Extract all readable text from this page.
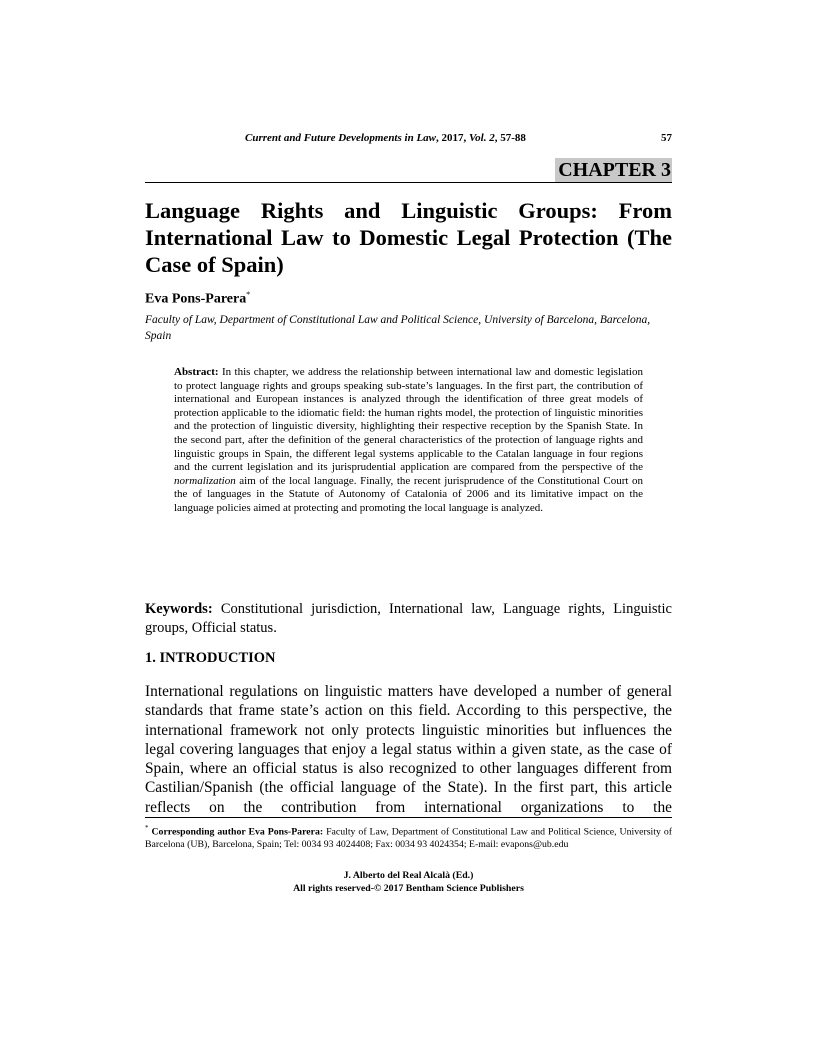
Current and Future Developments in Law, 2017, Vol. 2, 57-88	57
CHAPTER 3
Language Rights and Linguistic Groups: From International Law to Domestic Legal Protection (The Case of Spain)
Eva Pons-Parera*
Faculty of Law, Department of Constitutional Law and Political Science, University of Barcelona, Barcelona, Spain
Abstract: In this chapter, we address the relationship between international law and domestic legislation to protect language rights and groups speaking sub-state’s languages. In the first part, the contribution of international and European instances is analyzed through the identification of three great models of protection applicable to the idiomatic field: the human rights model, the protection of linguistic minorities and the protection of linguistic diversity, highlighting their respective reception by the Spanish State. In the second part, after the definition of the general characteristics of the protection of language rights and linguistic groups in Spain, the different legal systems applicable to the Catalan language in four regions and the current legislation and its jurisprudential application are compared from the perspective of the normalization aim of the local language. Finally, the recent jurisprudence of the Constitutional Court on the of languages in the Statute of Autonomy of Catalonia of 2006 and its limitative impact on the language policies aimed at protecting and promoting the local language is analyzed.
Keywords: Constitutional jurisdiction, International law, Language rights, Linguistic groups, Official status.
1. INTRODUCTION
International regulations on linguistic matters have developed a number of general standards that frame state’s action on this field. According to this perspective, the international framework not only protects linguistic minorities but influences the legal covering languages that enjoy a legal status within a given state, as the case of Spain, where an official status is also recognized to other languages different from Castilian/Spanish (the official language of the State). In the first part, this article reflects on the contribution from international organizations to the
* Corresponding author Eva Pons-Parera: Faculty of Law, Department of Constitutional Law and Political Science, University of Barcelona (UB), Barcelona, Spain; Tel: 0034 93 4024408; Fax: 0034 93 4024354; E-mail: evapons@ub.edu
J. Alberto del Real Alcalà (Ed.)
All rights reserved-© 2017 Bentham Science Publishers
